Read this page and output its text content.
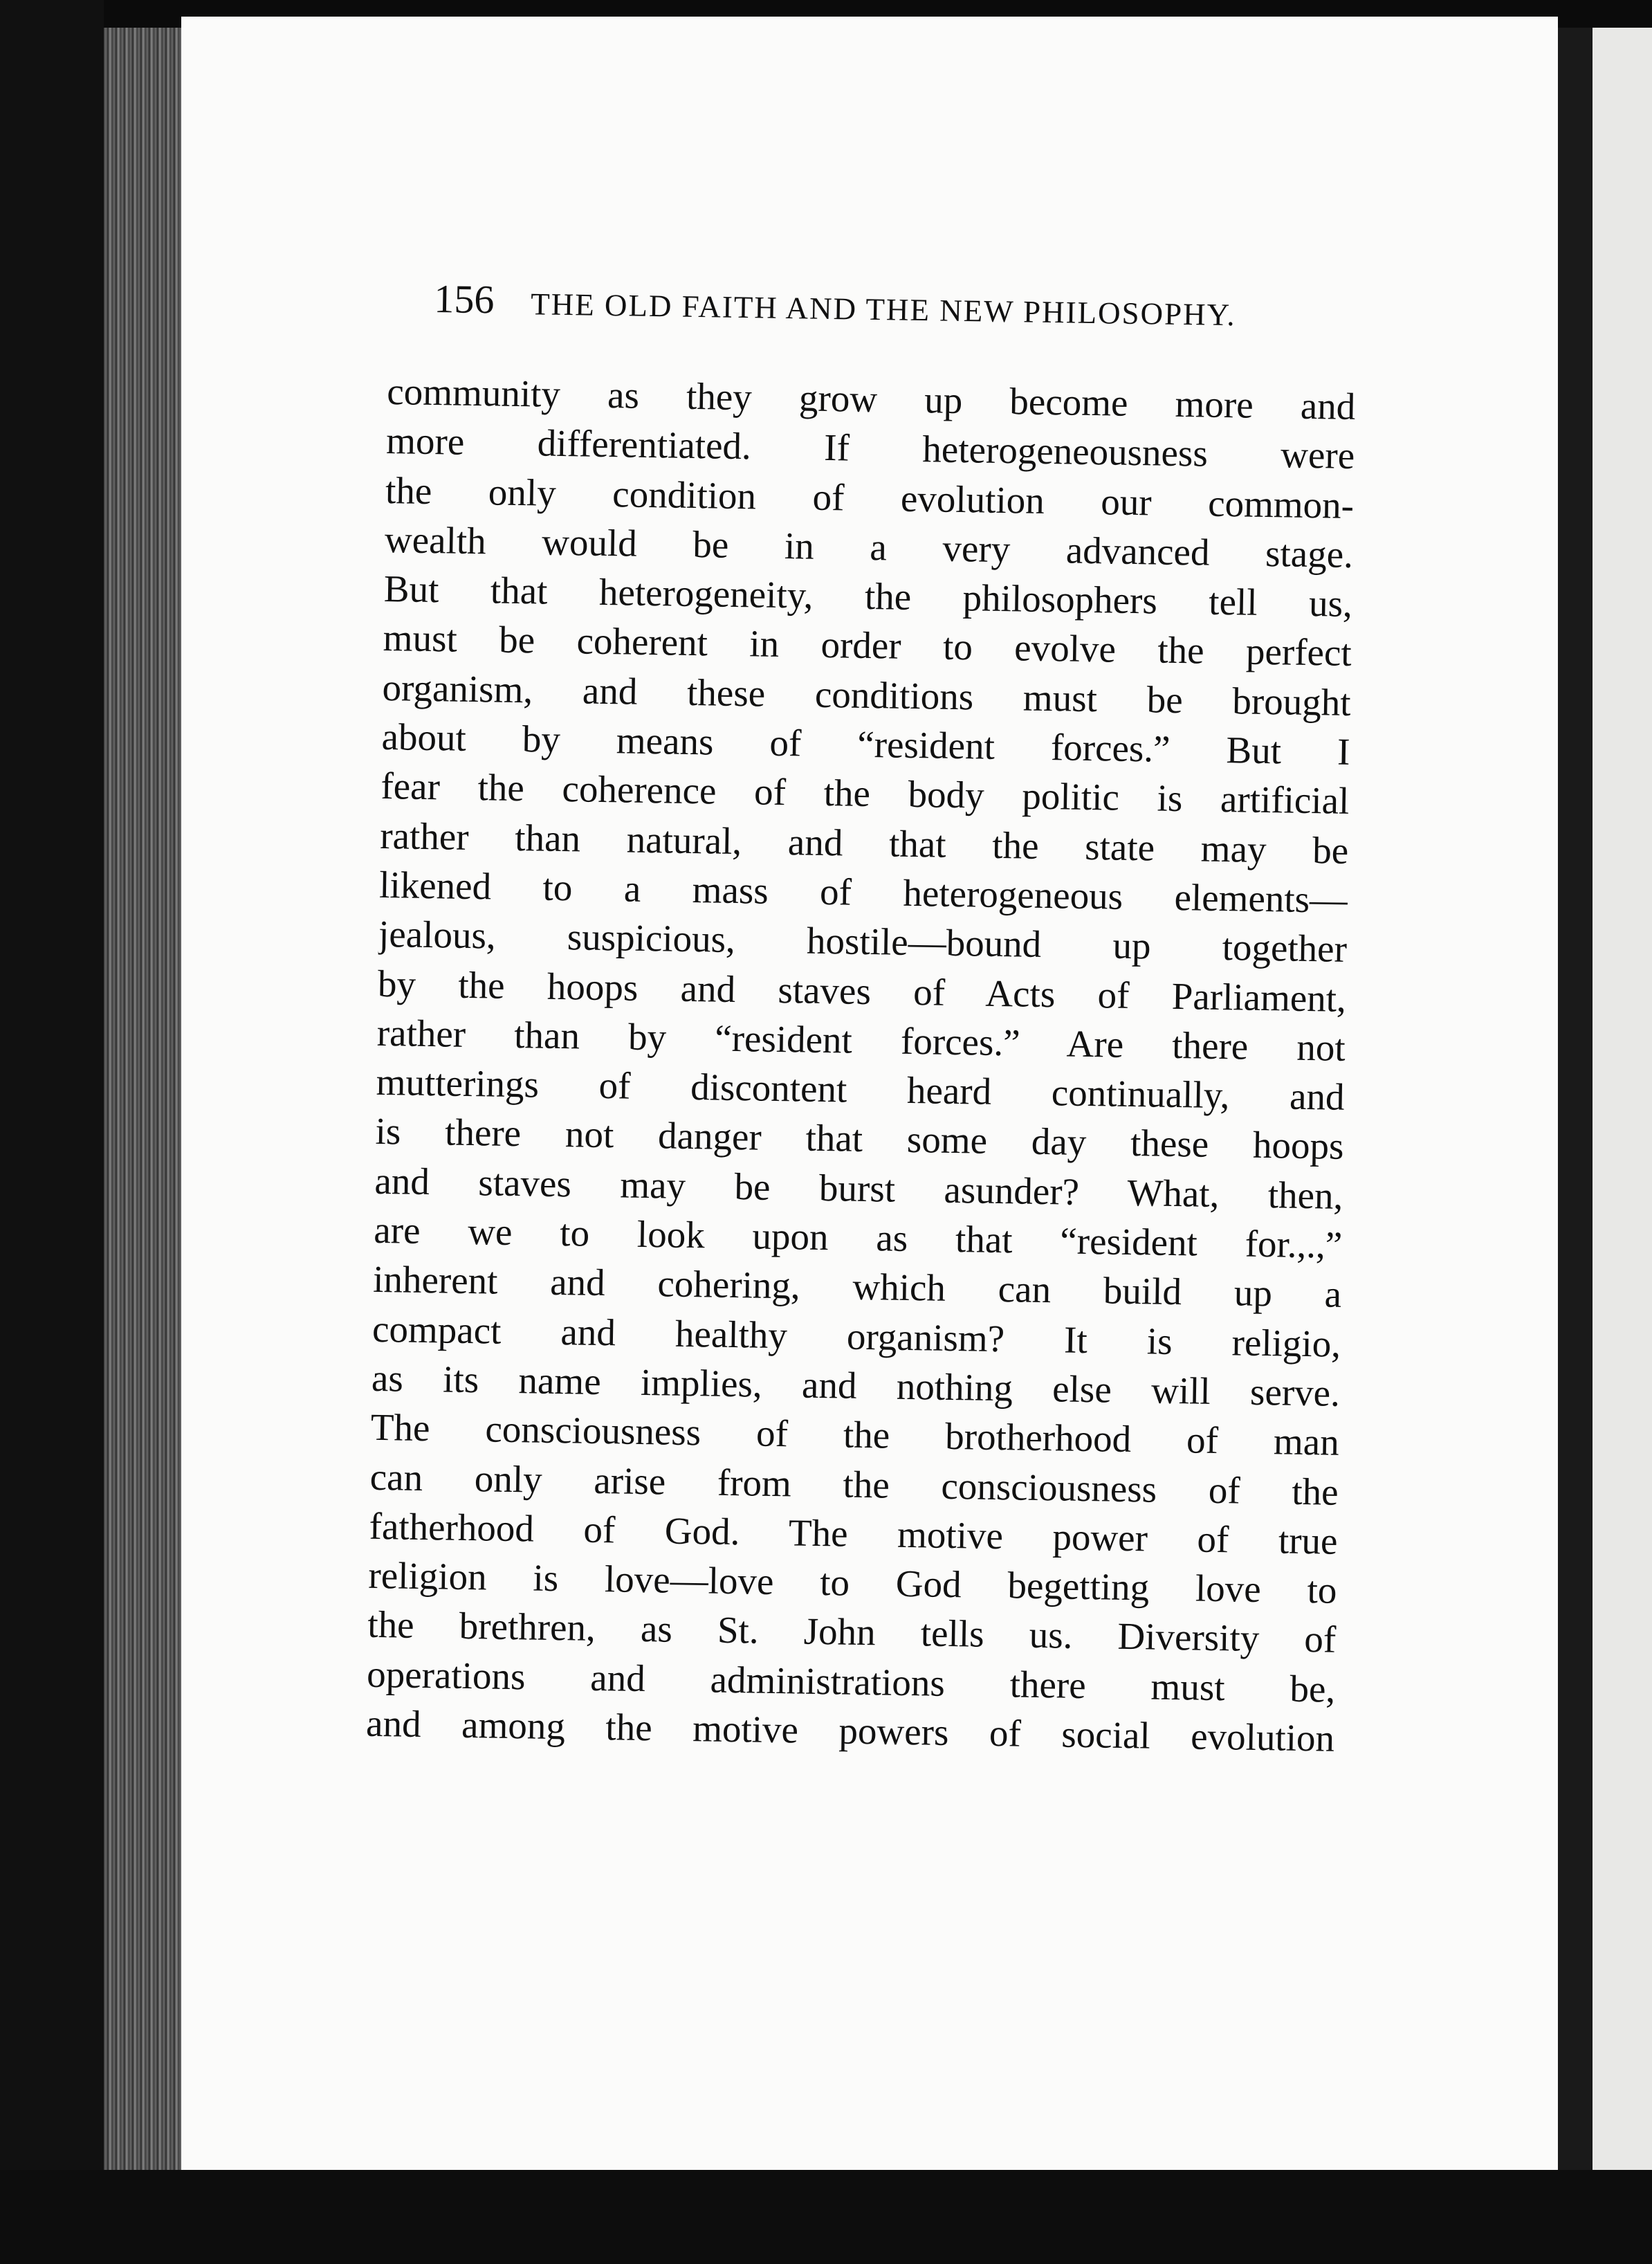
156 THE OLD FAITH AND THE NEW PHILOSOPHY.
community as they grow up become more and
more differentiated. If heterogeneousness were
the only condition of evolution our common-
wealth would be in a very advanced stage.
But that heterogeneity, the philosophers tell us,
must be coherent in order to evolve the perfect
organism, and these conditions must be brought
about by means of “resident forces.” But I
fear the coherence of the body politic is artificial
rather than natural, and that the state may be
likened to a mass of heterogeneous elements—
jealous, suspicious, hostile—bound up together
by the hoops and staves of Acts of Parliament,
rather than by “resident forces.” Are there not
mutterings of discontent heard continually, and
is there not danger that some day these hoops
and staves may be burst asunder? What, then,
are we to look upon as that “resident for.,.,”
inherent and cohering, which can build up a
compact and healthy organism? It is religio,
as its name implies, and nothing else will serve.
The consciousness of the brotherhood of man
can only arise from the consciousness of the
fatherhood of God. The motive power of true
religion is love—love to God begetting love to
the brethren, as St. John tells us. Diversity of
operations and administrations there must be,
and among the motive powers of social evolution
